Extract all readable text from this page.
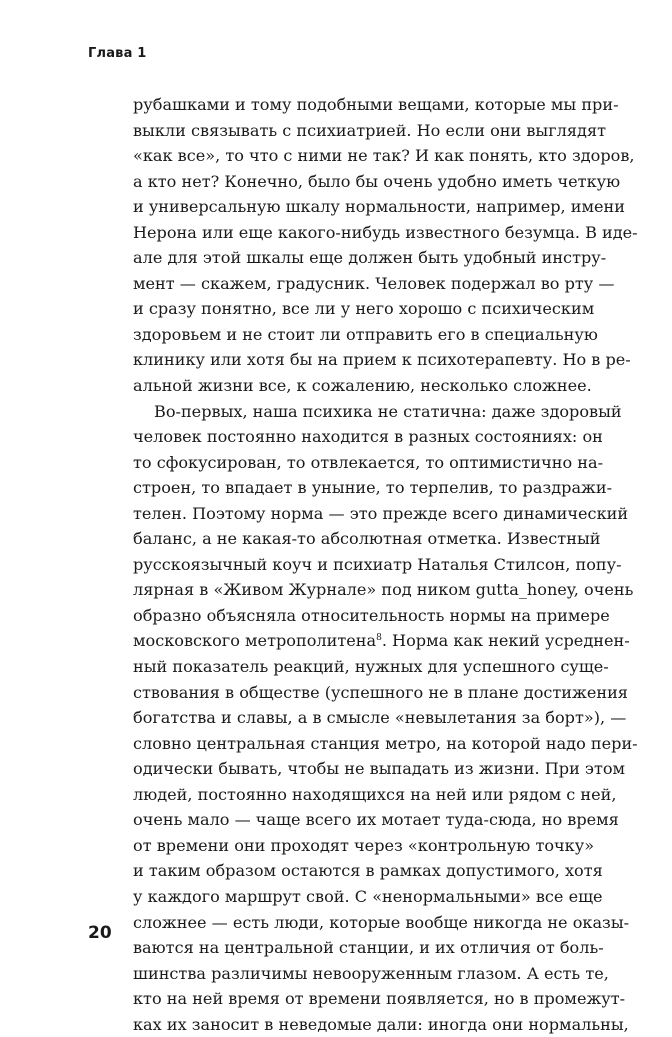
Глава 1
рубашками и тому подобными вещами, которые мы при-
выкли связывать с психиатрией. Но если они выглядят
«как все», то что с ними не так? И как понять, кто здоров,
а кто нет? Конечно, было бы очень удобно иметь четкую
и универсальную шкалу нормальности, например, имени
Нерона или еще какого-нибудь известного безумца. В иде-
але для этой шкалы еще должен быть удобный инстру-
мент — скажем, градусник. Человек подержал во рту —
и сразу понятно, все ли у него хорошо с психическим
здоровьем и не стоит ли отправить его в специальную
клинику или хотя бы на прием к психотерапевту. Но в ре-
альной жизни все, к сожалению, несколько сложнее.
Во-первых, наша психика не статична: даже здоровый
человек постоянно находится в разных состояниях: он
то сфокусирован, то отвлекается, то оптимистично на-
строен, то впадает в уныние, то терпелив, то раздражи-
телен. Поэтому норма — это прежде всего динамический
баланс, а не какая-то абсолютная отметка. Известный
русскоязычный коуч и психиатр Наталья Стилсон, попу-
лярная в «Живом Журнале» под ником gutta_honey, очень
образно объясняла относительность нормы на примере
московского метрополитена$^8$. Норма как некий усреднен-
ный показатель реакций, нужных для успешного суще-
ствования в обществе (успешного не в плане достижения
богатства и славы, а в смысле «невылетания за борт»), —
словно центральная станция метро, на которой надо пери-
одически бывать, чтобы не выпадать из жизни. При этом
людей, постоянно находящихся на ней или рядом с ней,
очень мало — чаще всего их мотает туда-сюда, но время
от времени они проходят через «контрольную точку»
и таким образом остаются в рамках допустимого, хотя
у каждого маршрут свой. С «ненормальными» все еще
сложнее — есть люди, которые вообще никогда не оказы-
ваются на центральной станции, и их отличия от боль-
шинства различимы невооруженным глазом. А есть те,
кто на ней время от времени появляется, но в промежут-
ках их заносит в неведомые дали: иногда они нормальны,
20
